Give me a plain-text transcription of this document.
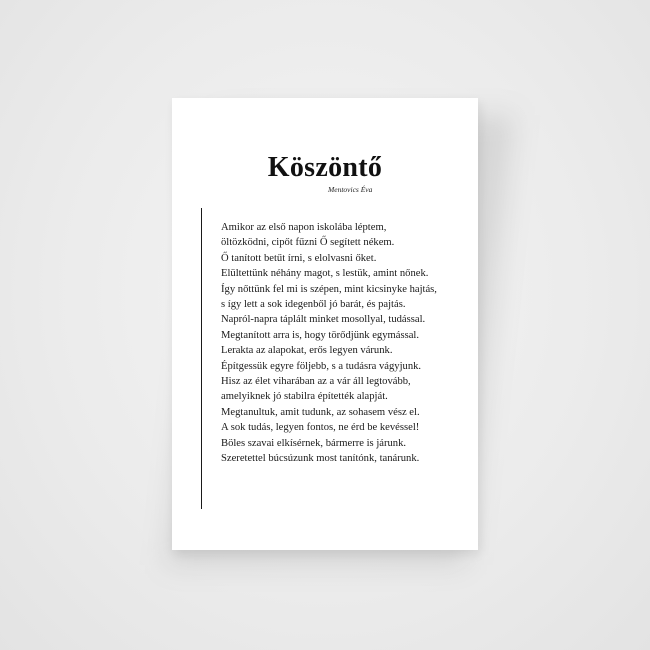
Köszöntő
Mentovics Éva
Amikor az első napon iskolába léptem,
öltözködni, cipőt fűzni Ő segített nékem.
Ő tanított betűt írni, s elolvasni őket.
Elültettünk néhány magot, s lestük, amint nőnek.
Így nőttünk fel mi is szépen, mint kicsinyke hajtás,
s így lett a sok idegenből jó barát, és pajtás.
Napról-napra táplált minket mosollyal, tudással.
Megtanított arra is, hogy törődjünk egymással.
Lerakta az alapokat, erős legyen várunk.
Építgessük egyre följebb, s a tudásra vágyjunk.
Hisz az élet viharában az a vár áll legtovább,
amelyiknek jó stabilra építették alapját.
Megtanultuk, amit tudunk, az sohasem vész el.
A sok tudás, legyen fontos, ne érd be kevéssel!
Böles szavai elkísérnek, bármerre is járunk.
Szeretettel búcsúzunk most tanítónk, tanárunk.
